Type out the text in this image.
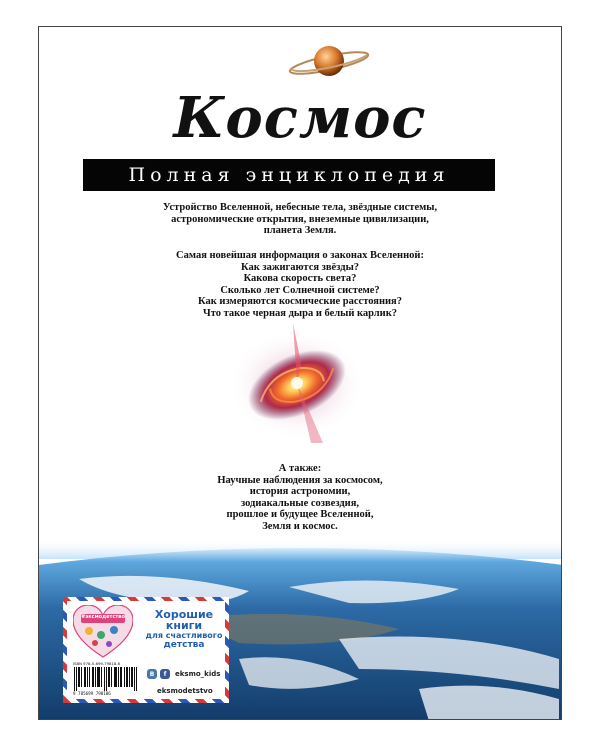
Космос
Полная энциклопедия

Устройство Вселенной, небесные тела, звёздные системы,

астрономические открытия, внеземные цивилизации,

планета Земля.

Самая новейшая информация о законах Вселенной:

Как зажигаются звёзды?

Какова скорость света?

Сколько лет Солнечной системе?

Как измеряются космические расстояния?

Что такое черная дыра и белый карлик?

А также:

Научные наблюдения за космосом,

история астрономии,

зодиакальные созвездия,

прошлое и будущее Вселенной,

Земля и космос.

#эксмодетство	Хорошие
книги
для счастливого
детства
ISBN 978-5-699-79818-6
9 785699 798186
B	f	eksmo_kids
eksmodetstvo
